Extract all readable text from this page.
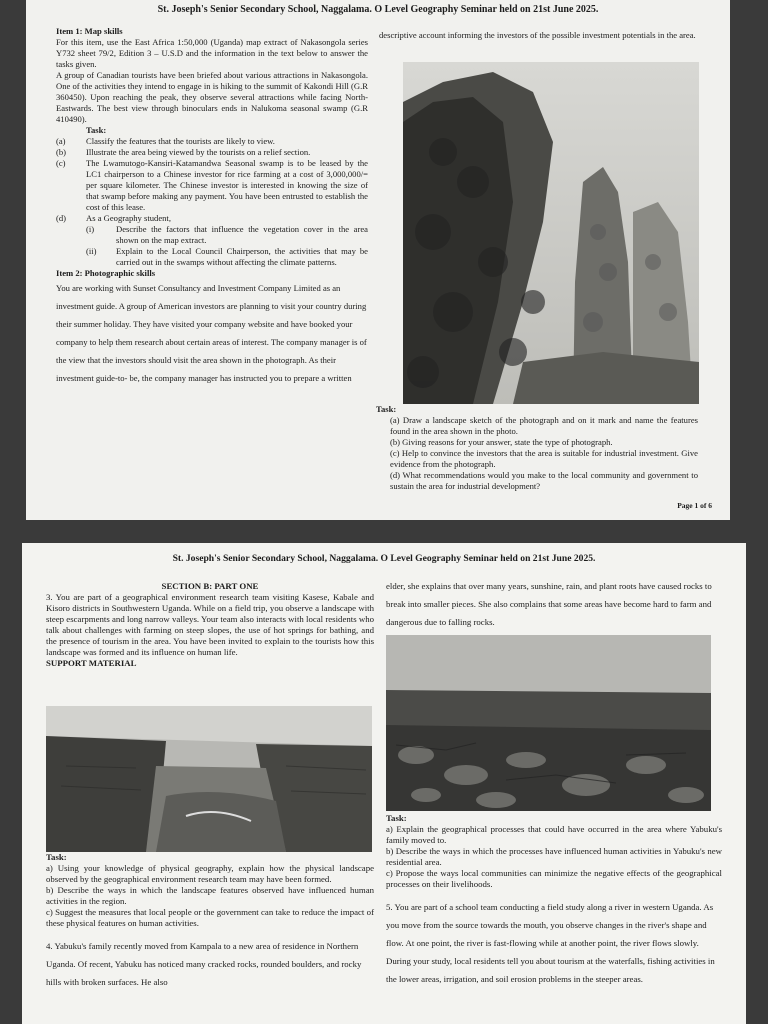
St. Joseph's Senior Secondary School, Naggalama. O Level Geography Seminar held on 21st June 2025.

Item 1: Map skills

For this item, use the East Africa 1:50,000 (Uganda) map extract of Nakasongola series Y732 sheet 79/2, Edition 3 – U.S.D and the information in the text below to answer the tasks given.

A group of Canadian tourists have been briefed about various attractions in Nakasongola. One of the activities they intend to engage in is hiking to the summit of Kakondi Hill (G.R 360450). Upon reaching the peak, they observe several attractions while facing North-Eastwards. The best view through binoculars ends in Nalukoma seasonal swamp (G.R 410490).

Task:

(a)	Classify the features that the tourists are likely to view.
(b)	Illustrate the area being viewed by the tourists on a relief section.
(c)	The Lwamutogo-Kansiri-Katamandwa Seasonal swamp is to be leased by the LC1 chairperson to a Chinese investor for rice farming at a cost of 3,000,000/= per square kilometer. The Chinese investor is interested in knowing the size of that swamp before making any payment. You have been entrusted to establish the cost of this lease.
(d)	As a Geography student,
(i)	Describe the factors that influence the vegetation cover in the area shown on the map extract.
(ii)	Explain to the Local Council Chairperson, the activities that may be carried out in the swamps without affecting the climate patterns.

Item 2: Photographic skills

You are working with Sunset Consultancy and Investment Company Limited as an investment guide. A group of American investors are planning to visit your country during their summer holiday. They have visited your company website and have booked your company to help them research about certain areas of interest. The company manager is of the view that the investors should visit the area shown in the photograph. As their investment guide-to- be, the company manager has instructed you to prepare a written

descriptive account informing the investors of the possible investment potentials in the area.

Task:

(a) Draw a landscape sketch of the photograph and on it mark and name the features found in the area shown in the photo.

(b) Giving reasons for your answer, state the type of photograph.

(c) Help to convince the investors that the area is suitable for industrial investment. Give evidence from the photograph.

(d) What recommendations would you make to the local community and government to sustain the area for industrial development?

Page 1 of 6
St. Joseph's Senior Secondary School, Naggalama. O Level Geography Seminar held on 21st June 2025.

SECTION B: PART ONE

3. You are part of a geographical environment research team visiting Kasese, Kabale and Kisoro districts in Southwestern Uganda. While on a field trip, you observe a landscape with steep escarpments and long narrow valleys. Your team also interacts with local residents who talk about challenges with farming on steep slopes, the use of hot springs for bathing, and the presence of tourism in the area. You have been invited to explain to the tourists how this landscape was formed and its influence on human life.

SUPPORT MATERIAL

Task:

a) Using your knowledge of physical geography, explain how the physical landscape observed by the geographical environment research team may have been formed.

b) Describe the ways in which the landscape features observed have influenced human activities in the region.

c) Suggest the measures that local people or the government can take to reduce the impact of these physical features on human activities.

4. Yabuku's family recently moved from Kampala to a new area of residence in Northern Uganda. Of recent, Yabuku has noticed many cracked rocks, rounded boulders, and rocky hills with broken surfaces. He also

elder, she explains that over many years, sunshine, rain, and plant roots have caused rocks to break into smaller pieces. She also complains that some areas have become hard to farm and dangerous due to falling rocks.

Task:

a) Explain the geographical processes that could have occurred in the area where Yabuku's family moved to.

b) Describe the ways in which the processes have influenced human activities in Yabuku's new residential area.

c) Propose the ways local communities can minimize the negative effects of the geographical processes on their livelihoods.

5. You are part of a school team conducting a field study along a river in western Uganda. As you move from the source towards the mouth, you observe changes in the river's shape and flow. At one point, the river is fast-flowing while at another point, the river flows slowly. During your study, local residents tell you about tourism at the waterfalls, fishing activities in the lower areas, irrigation, and soil erosion problems in the steeper areas.
